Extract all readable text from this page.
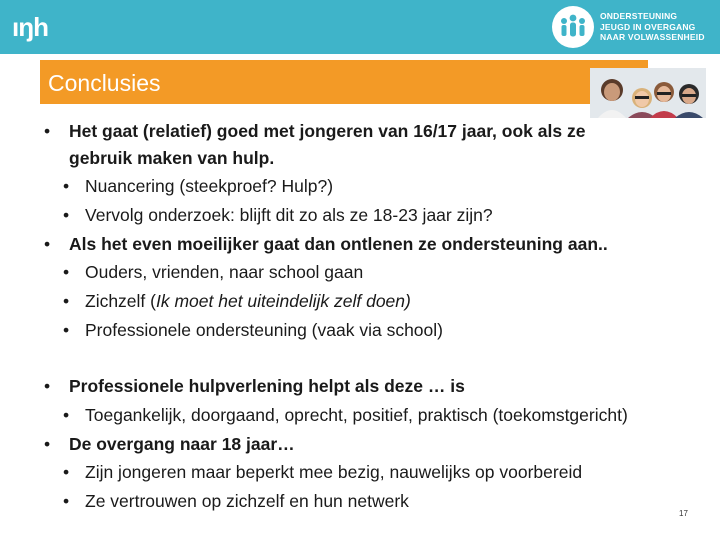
ıŋh	ONDERSTEUNING
JEUGD IN OVERGANG
NAAR VOLWASSENHEID
Conclusies
• Het gaat (relatief) goed met jongeren van 16/17 jaar, ook als ze
gebruik maken van hulp.
• Nuancering (steekproef? Hulp?)
• Vervolg onderzoek: blijft dit zo als ze 18-23 jaar zijn?
• Als het even moeilijker gaat dan ontlenen ze ondersteuning aan..
• Ouders, vrienden, naar school gaan
• Zichzelf (Ik moet het uiteindelijk zelf doen)
• Professionele ondersteuning (vaak via school)
• Professionele hulpverlening helpt als deze … is
• Toegankelijk, doorgaand, oprecht, positief, praktisch (toekomstgericht)
• De overgang naar 18 jaar…
• Zijn jongeren maar beperkt mee bezig, nauwelijks op voorbereid
• Ze vertrouwen op zichzelf en hun netwerk
17
